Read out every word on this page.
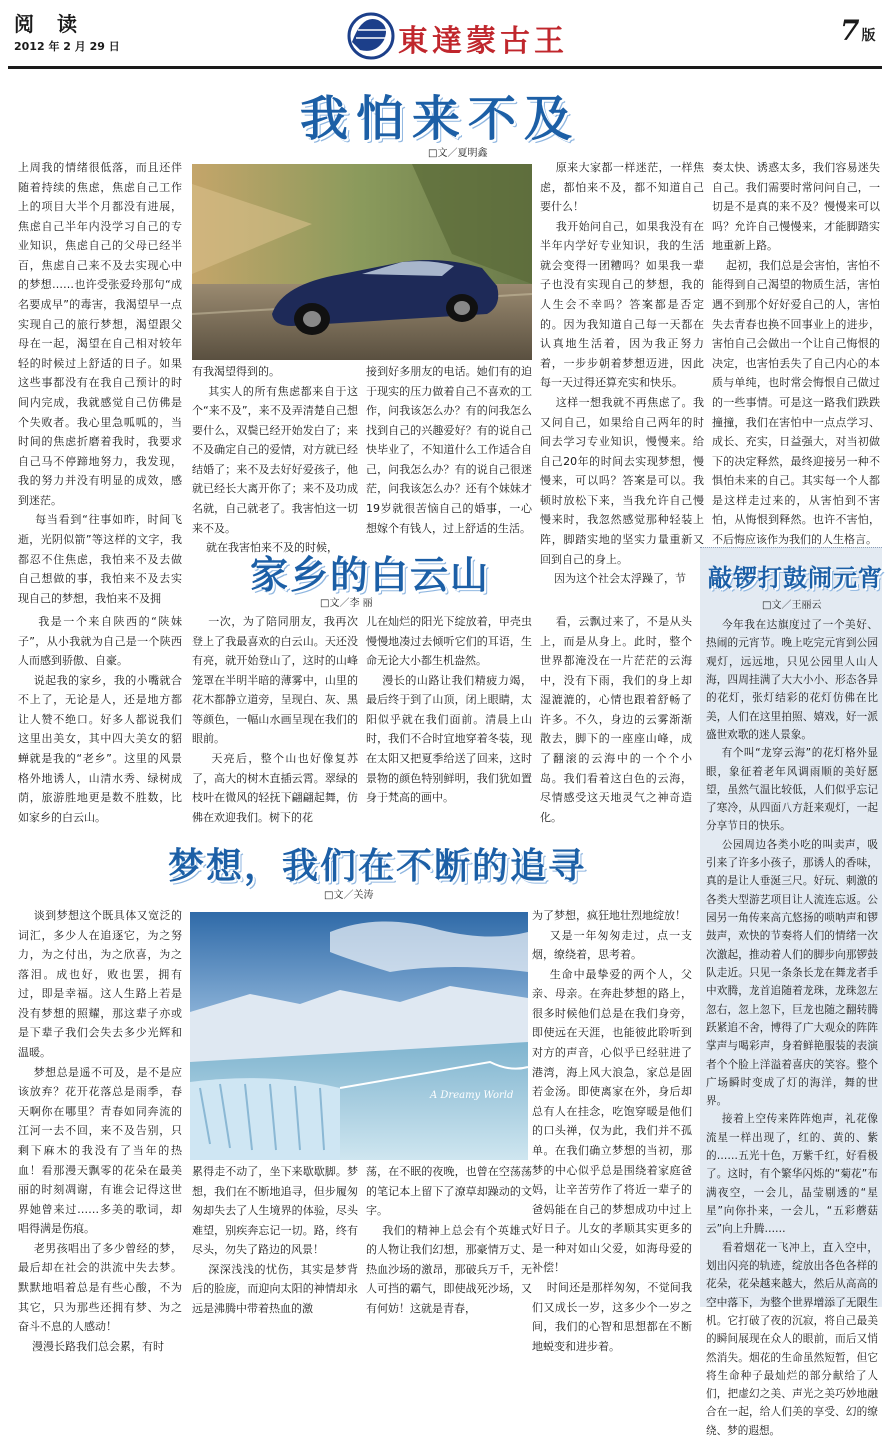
阅 读
2012 年 2 月 29 日	東達蒙古王	7 版
我怕来不及
□文／夏明鑫
上周我的情绪很低落，而且还伴随着持续的焦虑，焦虑自己工作上的项目大半个月都没有进展，焦虑自己半年内没学习自己的专业知识，焦虑自己的父母已经半百，焦虑自己来不及去实现心中的梦想……也许受张爱玲那句“成名要成早”的毒害，我渴望早一点实现自己的旅行梦想，渴望跟父母在一起，渴望在自己相对较年轻的时候过上舒适的日子。如果这些事都没有在我自己预计的时间内完成，我就感觉自己仿佛是个失败者。我心里急呱呱的，当时间的焦虑折磨着我时，我要求自己马不停蹄地努力，我发现，我的努力并没有明显的成效，感到迷茫。
每当看到“往事如昨，时间飞逝，光阴似箭”等这样的文字，我都忍不住焦虑，我怕来不及去做自己想做的事，我怕来不及去实现自己的梦想，我怕来不及拥
有我渴望得到的。
其实人的所有焦虑都来自于这个“来不及”，来不及弄清楚自己想要什么，双鬓已经开始发白了；来不及确定自己的爱情，对方就已经结婚了；来不及去好好爱孩子，他就已经长大离开你了；来不及功成名就，自己就老了。我害怕这一切来不及。
就在我害怕来不及的时候，
接到好多朋友的电话。她们有的迫于现实的压力做着自己不喜欢的工作，问我该怎么办？有的问我怎么找到自己的兴趣爱好？有的说自己快毕业了，不知道什么工作适合自己，问我怎么办？有的说自己很迷茫，问我该怎么办？还有个妹妹才19岁就很苦恼自己的婚事，一心想嫁个有钱人，过上舒适的生活。
原来大家都一样迷茫，一样焦虑，都怕来不及，都不知道自己要什么！
我开始问自己，如果我没有在半年内学好专业知识，我的生活就会变得一团糟吗？如果我一辈子也没有实现自己的梦想，我的人生会不幸吗？答案都是否定的。因为我知道自己每一天都在认真地生活着，因为我正努力着，一步步朝着梦想迈进，因此每一天过得还算充实和快乐。
这样一想我就不再焦虑了。我又问自己，如果给自己两年的时间去学习专业知识，慢慢来。给自己20年的时间去实现梦想，慢慢来，可以吗？答案是可以。我顿时放松下来，当我允许自己慢慢来时，我忽然感觉那种轻装上阵，脚踏实地的坚实力量重新又回到自己的身上。
因为这个社会太浮躁了，节
奏太快、诱惑太多，我们容易迷失自己。我们需要时常问问自己，一切是不是真的来不及？慢慢来可以吗？允许自己慢慢来，才能脚踏实地重新上路。
起初，我们总是会害怕，害怕不能得到自己渴望的物质生活，害怕遇不到那个好好爱自己的人，害怕失去青春也换不回事业上的进步，害怕自己会做出一个让自己悔恨的决定，也害怕丢失了自己内心的本质与单纯，也时常会悔恨自己做过的一些事情。可是这一路我们跌跌撞撞，我们在害怕中一点点学习、成长、充实，日益强大，对当初做下的决定释然，最终迎接另一种不惧怕未来的自己。其实每一个人都是这样走过来的，从害怕到不害怕，从悔恨到释然。也许不害怕，不后悔应该作为我们的人生格言。
家乡的白云山
□文／李 丽
我是一个来自陕西的“陕妹子”，从小我就为自己是一个陕西人而感到骄傲、自豪。
说起我的家乡，我的小嘴就合不上了，无论是人，还是地方都让人赞不绝口。好多人都说我们这里出美女，其中四大美女的貂蝉就是我的“老乡”。这里的风景格外地诱人，山清水秀、绿树成荫，旅游胜地更是数不胜数，比如家乡的白云山。
一次，为了陪同朋友，我再次登上了我最喜欢的白云山。天还没有亮，就开始登山了，这时的山峰笼罩在半明半暗的薄雾中，山里的花木都静立道旁，呈现白、灰、黑等颜色，一幅山水画呈现在我们的眼前。
天亮后，整个山也好像复苏了，高大的树木直插云霄。翠绿的枝叶在微风的轻抚下翩翩起舞，仿佛在欢迎我们。树下的花
儿在灿烂的阳光下绽放着，甲壳虫慢慢地凑过去倾听它们的耳语，生命无论大小都生机盎然。
漫长的山路让我们精疲力竭，最后终于到了山顶，闭上眼睛，太阳似乎就在我们面前。清晨上山时，我们不合时宜地穿着冬装，现在太阳又把夏季给送了回来，这时景物的颜色特别鲜明，我们犹如置身于梵高的画中。
看，云飘过来了，不是从头上，而是从身上。此时，整个世界都淹没在一片茫茫的云海中，没有下雨，我们的身上却湿漉漉的，心情也跟着舒畅了许多。不久，身边的云雾渐渐散去，脚下的一座座山峰，成了翻滚的云海中的一个个小岛。我们看着这白色的云海，尽情感受这天地灵气之神奇造化。
梦想，我们在不断的追寻
□文／关涛
谈到梦想这个既具体又宽泛的词汇，多少人在追逐它，为之努力，为之付出，为之欣喜，为之落泪。成也好，败也罢，拥有过，即是幸福。这人生路上若是没有梦想的照耀，那这辈子亦或是下辈子我们会失去多少光辉和温暖。
梦想总是遥不可及，是不是应该放弃？花开花落总是雨季，春天啊你在哪里？青春如同奔流的江河一去不回，来不及告别，只剩下麻木的我没有了当年的热血！看那漫天飘零的花朵在最美丽的时刻凋谢，有谁会记得这世界她曾来过……多美的歌词，却唱得满是伤痕。
老男孩唱出了多少曾经的梦，最后却在社会的洪流中失去梦。默默地唱着总是有些心酸，不为其它，只为那些还拥有梦、为之奋斗不息的人感动！
漫漫长路我们总会累，有时
A Dreamy World
累得走不动了，坐下来歇歇脚。梦想，我们在不断地追寻，但步履匆匆却失去了人生境界的体验，尽头难望，别疾奔忘记一切。路，终有尽头，勿失了路边的风景！
深深浅浅的忧伤，其实是梦背后的脸庞，而迎向太阳的神情却永远是沸腾中带着热血的激
荡，在不眠的夜晚，也曾在空荡荡的笔记本上留下了潦草却躁动的文字。
我们的精神上总会有个英雄式的人物让我们幻想，那豪情万丈、热血沙场的激昂，那破兵万千，无人可挡的霸气，即使战死沙场，又有何妨！这就是青春，
为了梦想，疯狂地壮烈地绽放！
又是一年匆匆走过，点一支烟，缭绕着，思考着。
生命中最挚爱的两个人，父亲、母亲。在奔赴梦想的路上，很多时候他们总是在我们身旁，即使远在天涯，也能彼此聆听到对方的声音，心似乎已经驻进了港湾，海上风大浪急，家总是固若金汤。即使离家在外，身后却总有人在挂念，吃饱穿暖是他们的口头禅，仅为此，我们并不孤单。在我们确立梦想的当初，那梦的中心似乎总是围绕着家庭爸妈，让辛苦劳作了将近一辈子的爸妈能在自己的梦想成功中过上好日子。儿女的孝顺其实更多的是一种对如山父爱，如海母爱的补偿！
时间还是那样匆匆，不觉间我们又成长一岁，这多少个一岁之间，我们的心智和思想都在不断地蜕变和进步着。
敲锣打鼓闹元宵
□文／王丽云
今年我在达旗度过了一个美好、热闹的元宵节。晚上吃完元宵到公园观灯，远远地，只见公园里人山人海，四周挂满了大大小小、形态各异的花灯，张灯结彩的花灯仿佛在比美，人们在这里拍照、嬉戏，好一派盛世欢歌的迷人景象。
有个叫“龙穿云海”的花灯格外显眼，象征着老年风调雨顺的美好愿望，虽然气温比较低，人们似乎忘记了寒冷，从四面八方赶来观灯，一起分享节日的快乐。
公园周边各类小吃的叫卖声，吸引来了许多小孩子，那诱人的香味，真的是让人垂涎三尺。好玩、刺激的各类大型游艺项目让人流连忘返。公园另一角传来高亢悠扬的唢呐声和锣鼓声，欢快的节奏将人们的情绪一次次激起，推动着人们的脚步向那锣鼓队走近。只见一条条长龙在舞龙者手中欢腾，龙首追随着龙珠，龙珠忽左忽右，忽上忽下，巨龙也随之翻转腾跃紧追不舍，博得了广大观众的阵阵掌声与喝彩声，身着鲜艳服装的表演者个个脸上洋溢着喜庆的笑容。整个广场瞬时变成了灯的海洋，舞的世界。
接着上空传来阵阵炮声，礼花像流星一样出现了，红的、黄的、紫的……五光十色，万紫千红，好看极了。这时，有个繁华闪烁的“菊花”布满夜空，一会儿，晶莹剔透的“星星”向你扑来，一会儿，“五彩蘑菇云”向上升腾……
看着烟花一飞冲上，直入空中，划出闪亮的轨迹，绽放出各色各样的花朵，花朵越来越大，然后从高高的空中落下，为整个世界增添了无限生机。它打破了夜的沉寂，将自己最美的瞬间展现在众人的眼前，而后又悄然消失。烟花的生命虽然短暂，但它将生命种子最灿烂的部分献给了人们，把虚幻之美、声光之美巧妙地融合在一起，给人们美的享受、幻的缭绕、梦的遐想。
